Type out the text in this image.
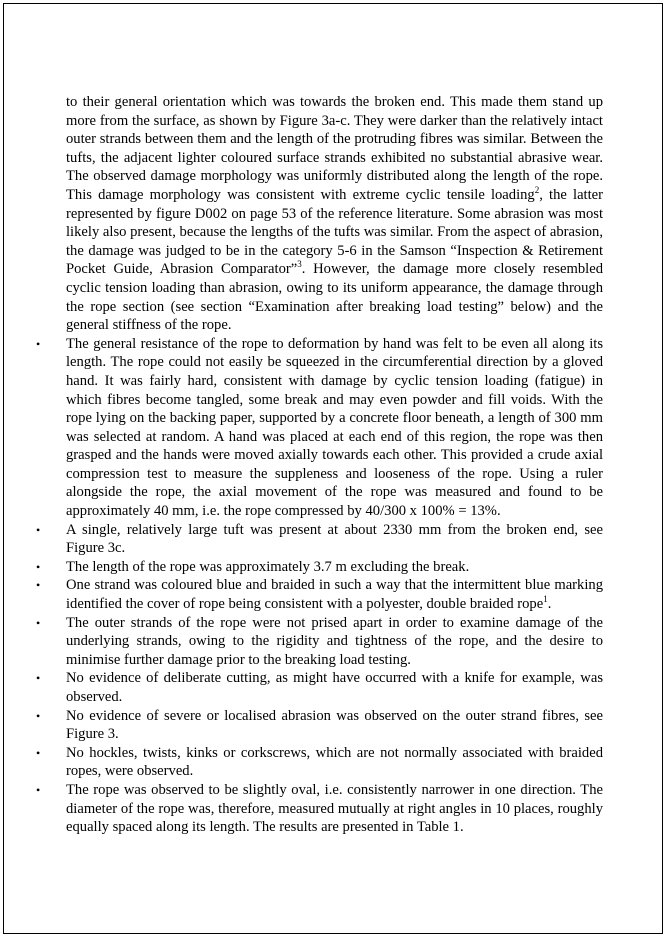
to their general orientation which was towards the broken end. This made them stand up more from the surface, as shown by Figure 3a-c. They were darker than the relatively intact outer strands between them and the length of the protruding fibres was similar. Between the tufts, the adjacent lighter coloured surface strands exhibited no substantial abrasive wear. The observed damage morphology was uniformly distributed along the length of the rope. This damage morphology was consistent with extreme cyclic tensile loading$^2$, the latter represented by figure D002 on page 53 of the reference literature. Some abrasion was most likely also present, because the lengths of the tufts was similar. From the aspect of abrasion, the damage was judged to be in the category 5-6 in the Samson “Inspection & Retirement Pocket Guide, Abrasion Comparator”$^3$. However, the damage more closely resembled cyclic tension loading than abrasion, owing to its uniform appearance, the damage through the rope section (see section “Examination after breaking load testing” below) and the general stiffness of the rope.

• The general resistance of the rope to deformation by hand was felt to be even all along its length. The rope could not easily be squeezed in the circumferential direction by a gloved hand. It was fairly hard, consistent with damage by cyclic tension loading (fatigue) in which fibres become tangled, some break and may even powder and fill voids. With the rope lying on the backing paper, supported by a concrete floor beneath, a length of 300 mm was selected at random. A hand was placed at each end of this region, the rope was then grasped and the hands were moved axially towards each other. This provided a crude axial compression test to measure the suppleness and looseness of the rope. Using a ruler alongside the rope, the axial movement of the rope was measured and found to be approximately 40 mm, i.e. the rope compressed by 40/300 x 100% = 13%.
• A single, relatively large tuft was present at about 2330 mm from the broken end, see Figure 3c.
• The length of the rope was approximately 3.7 m excluding the break.
• One strand was coloured blue and braided in such a way that the intermittent blue marking identified the cover of rope being consistent with a polyester, double braided rope$^1$.
• The outer strands of the rope were not prised apart in order to examine damage of the underlying strands, owing to the rigidity and tightness of the rope, and the desire to minimise further damage prior to the breaking load testing.
• No evidence of deliberate cutting, as might have occurred with a knife for example, was observed.
• No evidence of severe or localised abrasion was observed on the outer strand fibres, see Figure 3.
• No hockles, twists, kinks or corkscrews, which are not normally associated with braided ropes, were observed.
• The rope was observed to be slightly oval, i.e. consistently narrower in one direction. The diameter of the rope was, therefore, measured mutually at right angles in 10 places, roughly equally spaced along its length. The results are presented in Table 1.
